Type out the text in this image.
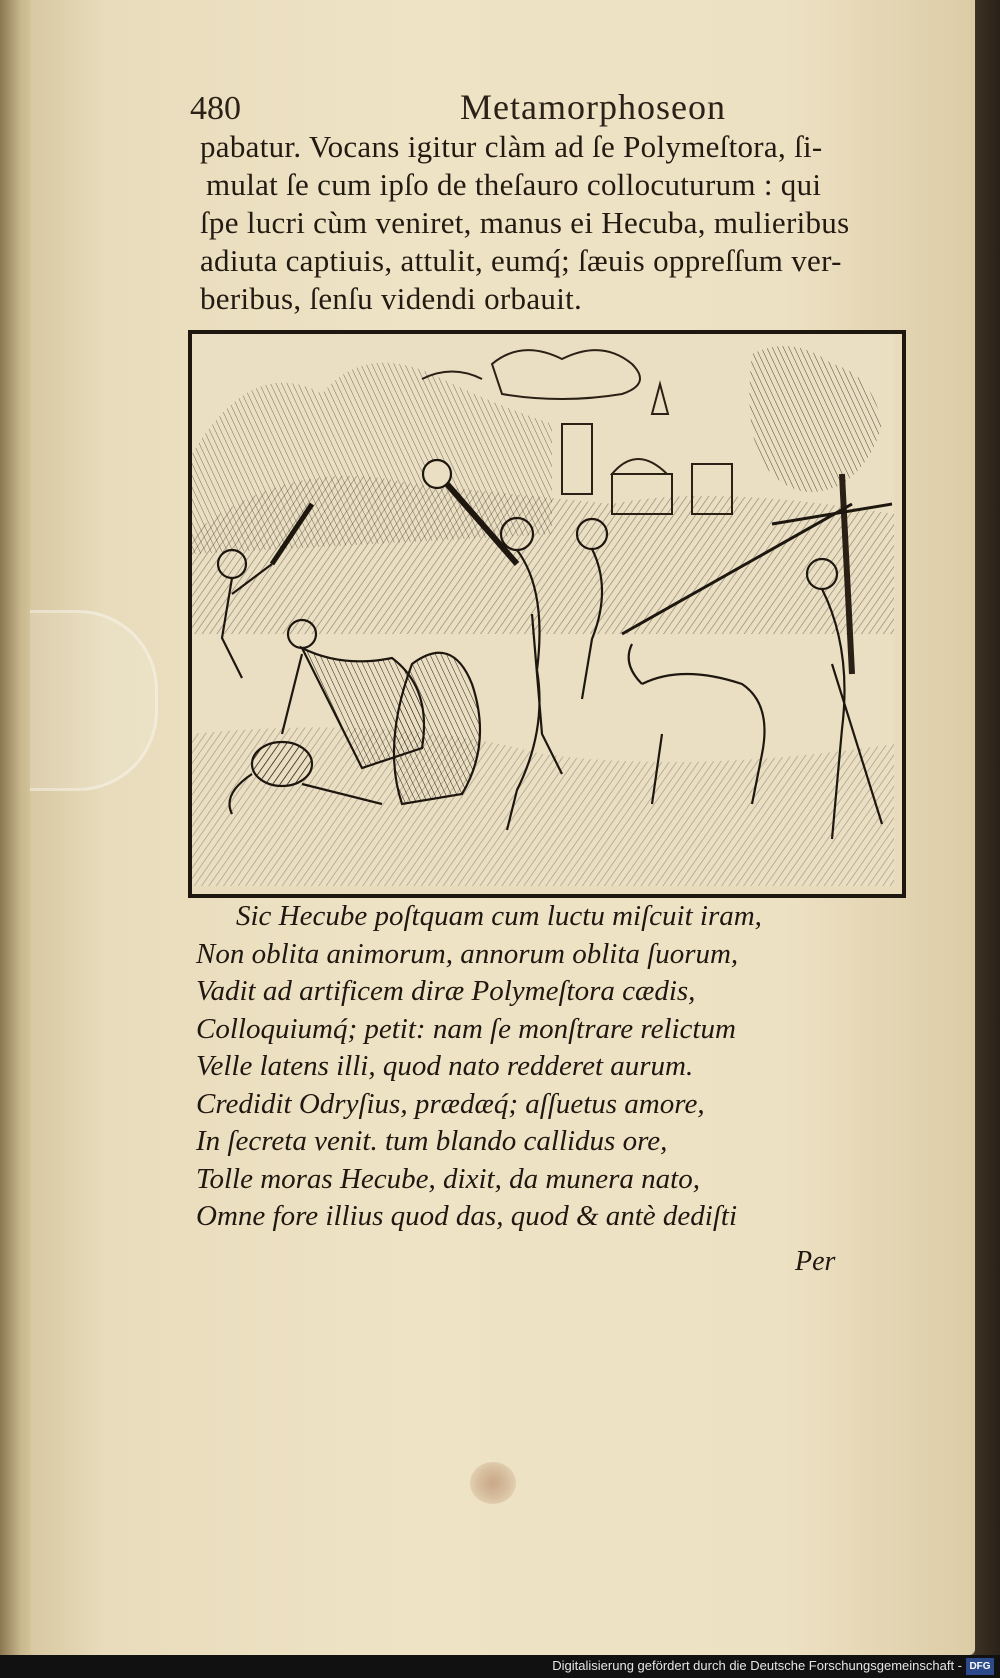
480	Metamorphoseon
pabatur. Vocans igitur clàm ad ſe Polymeſtora, ſi-
mulat ſe cum ipſo de theſauro collocuturum : qui
ſpe lucri cùm veniret, manus ei Hecuba, mulieribus
adiuta captiuis, attulit, eumq́; ſæuis oppreſſum ver-
beribus, ſenſu videndi orbauit.
Sic Hecube poſtquam cum luctu miſcuit iram,
Non oblita animorum, annorum oblita ſuorum,
Vadit ad artificem diræ Polymeſtora cædis,
Colloquiumq́; petit: nam ſe monſtrare relictum
Velle latens illi, quod nato redderet aurum.
Credidit Odryſius, prædæq́; aſſuetus amore,
In ſecreta venit. tum blando callidus ore,
Tolle moras Hecube, dixit, da munera nato,
Omne fore illius quod das, quod & antè dediſti
Per
Digitalisierung gefördert durch die Deutsche Forschungsgemeinschaft - DFG
